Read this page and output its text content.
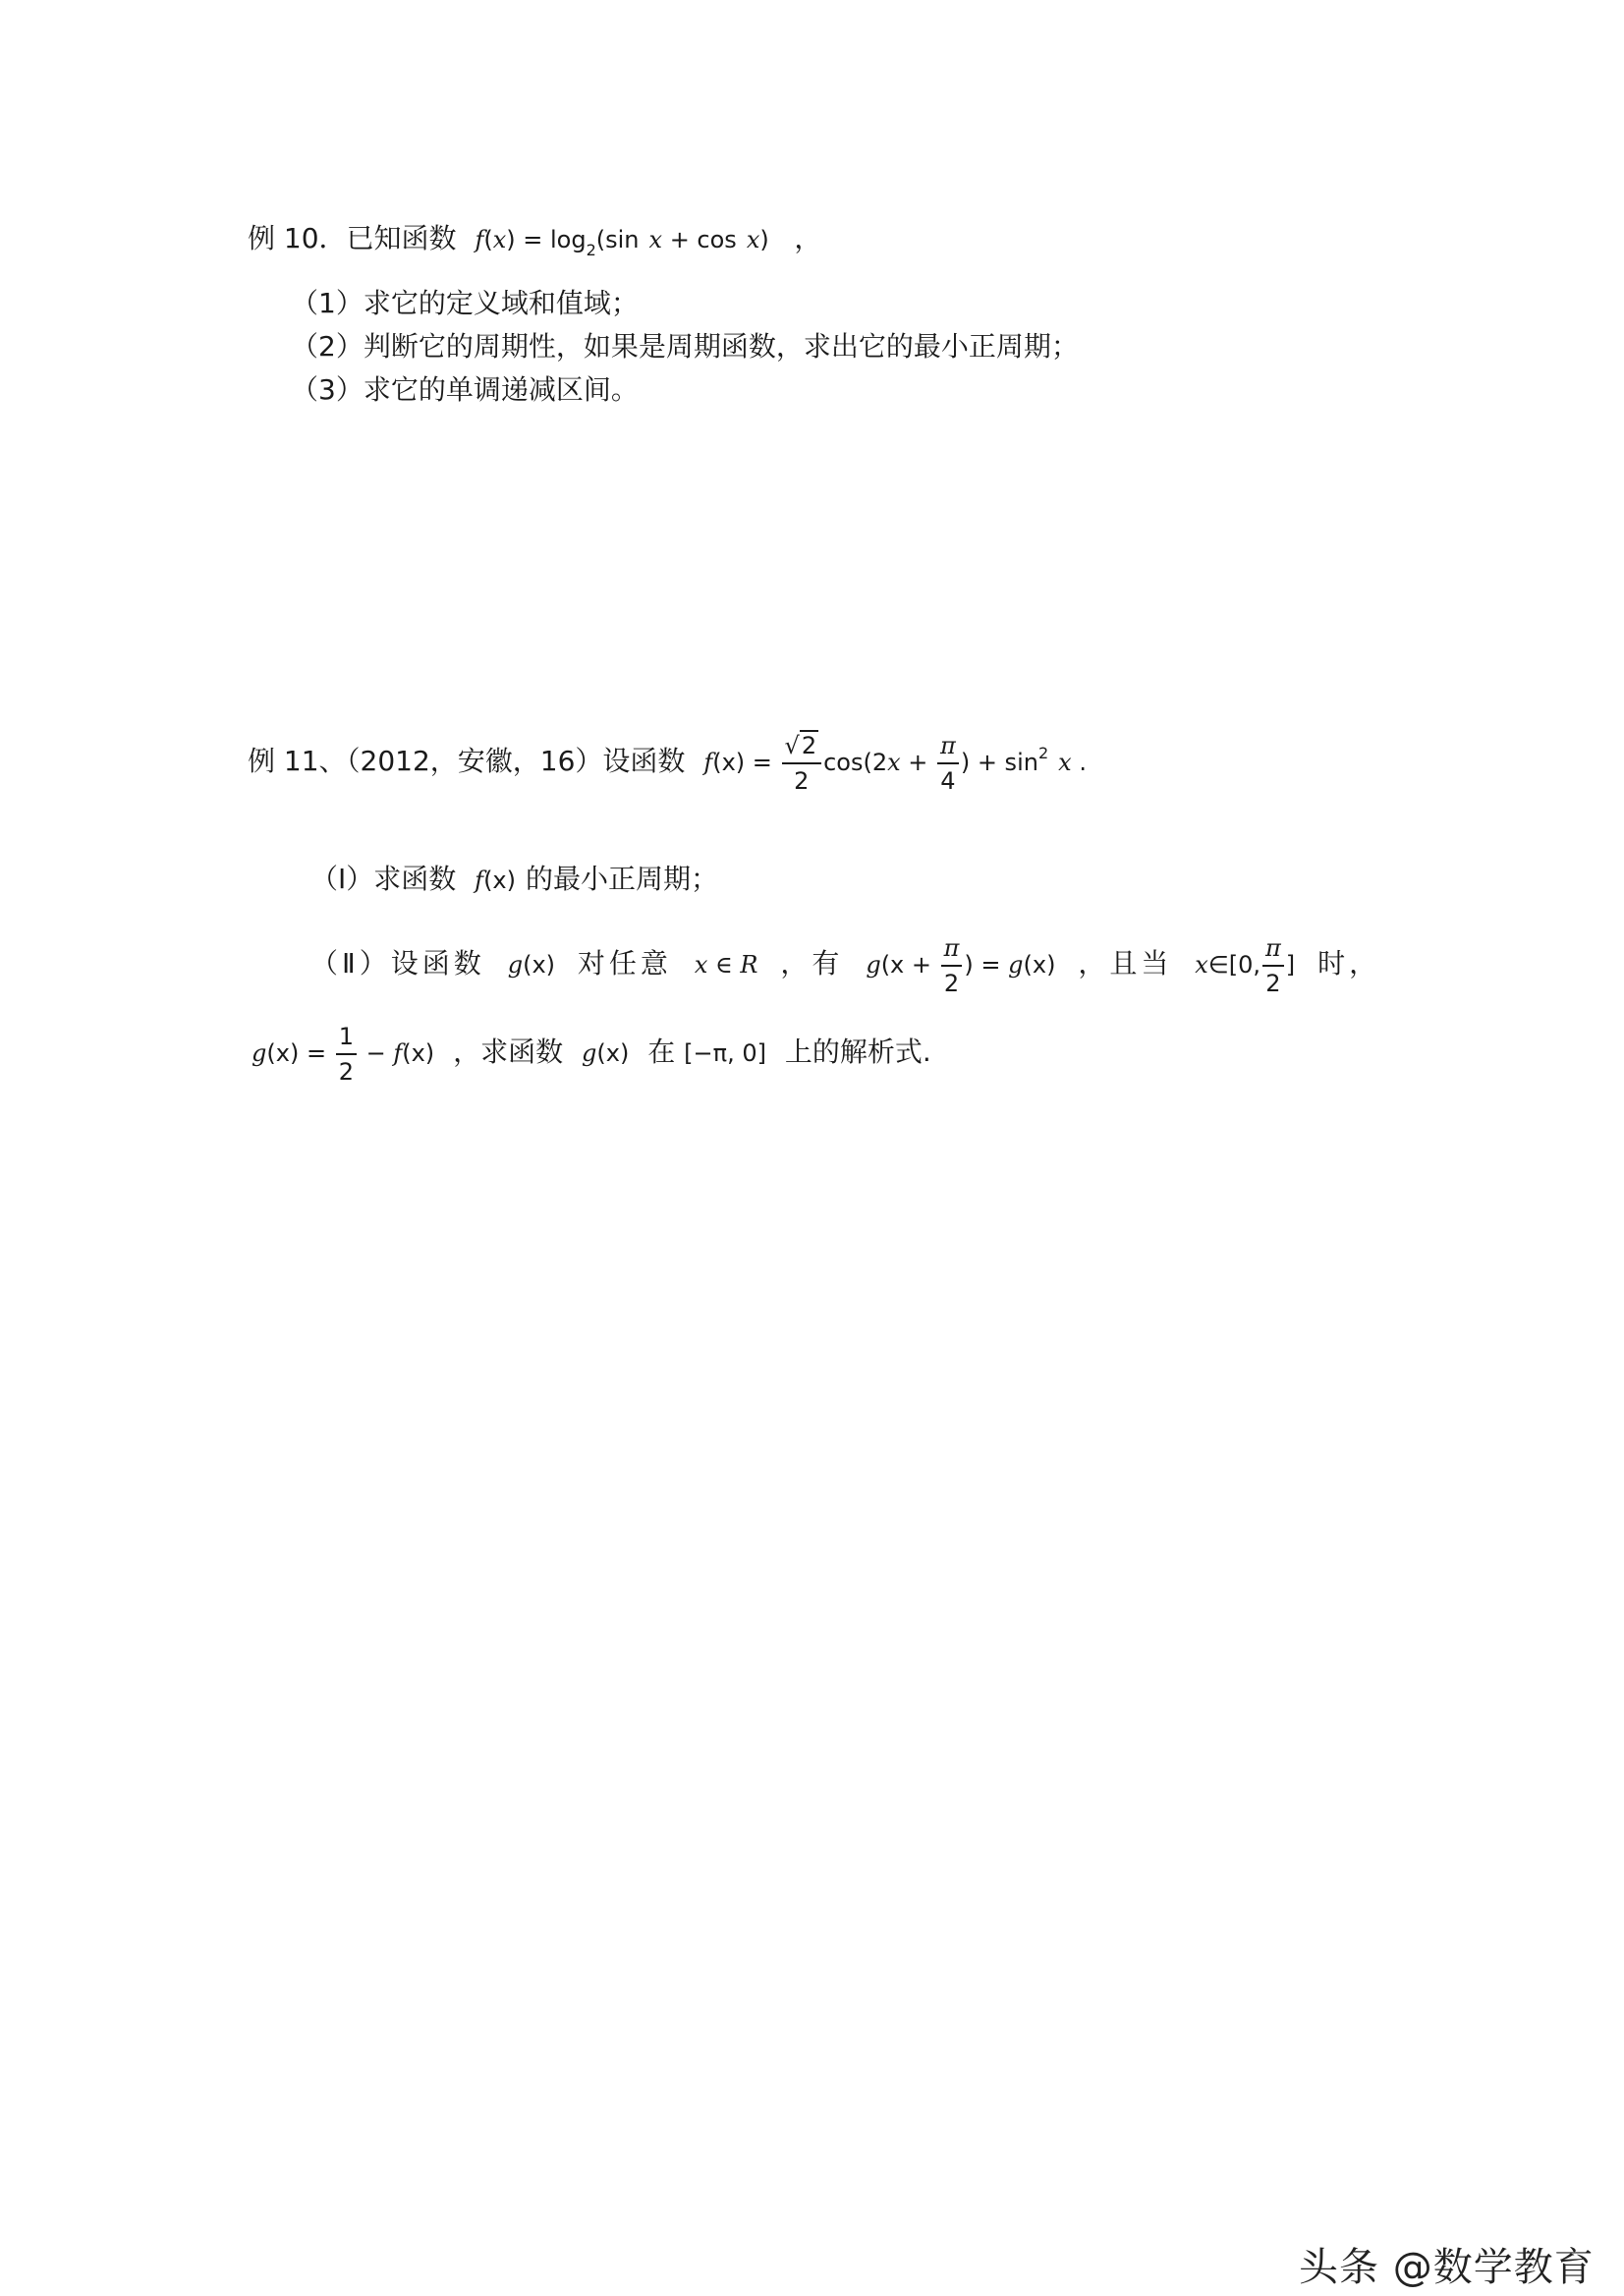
例 10．已知函数 $f(x) = \log_2(\sin$ x + cos x) ，
（1）求它的定义域和值域；
（2）判断它的周期性，如果是周期函数，求出它的最小正周期；
（3）求它的单调递减区间。
例 11、（2012，安徽，16）设函数 $f(x) = \frac{√2}{2} \cos(2x + \frac{\pi}{4}$ ) + $\sin^2 x$ .
（Ⅰ）求函数 f(x) 的最小正周期；
（Ⅱ）设函数 g(x) 对任意 x ∈ R ，有 $g(x + \frac{\pi}{2}$ ) = g(x) ，且当 x∈[0, $\frac{\pi}{2}$ ] 时，
$g(x) = \frac{1}{2} - f(x)$ ，求函数 g(x) 在 [−π, 0] 上的解析式.
头条 @数学教育
